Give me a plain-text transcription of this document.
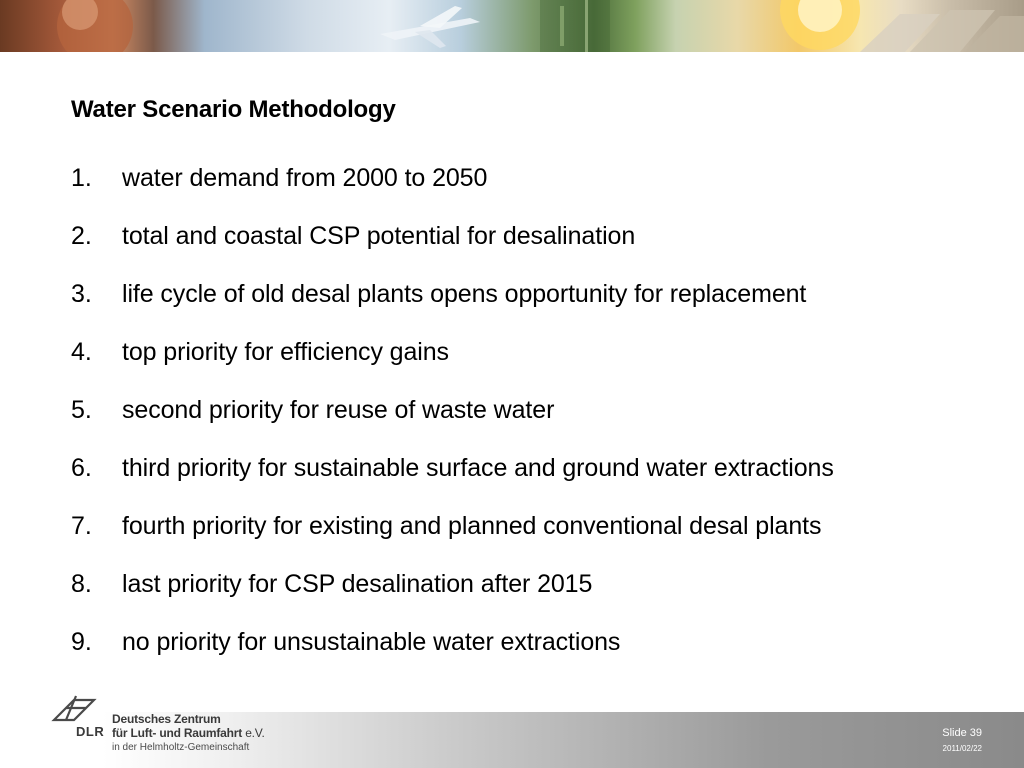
Water Scenario Methodology
1.	water demand from 2000 to 2050
2.	total and coastal CSP potential for desalination
3.	life cycle of old desal plants opens opportunity for replacement
4.	top priority for efficiency gains
5.	second priority for reuse of waste water
6.	third priority for sustainable surface and ground water extractions
7.	fourth priority for existing and planned conventional desal plants
8.	last priority for CSP desalination after 2015
9.	no priority for unsustainable water extractions
DLR
Deutsches Zentrum
für Luft- und Raumfahrt e.V.
in der Helmholtz-Gemeinschaft
Slide 39
2011/02/22
